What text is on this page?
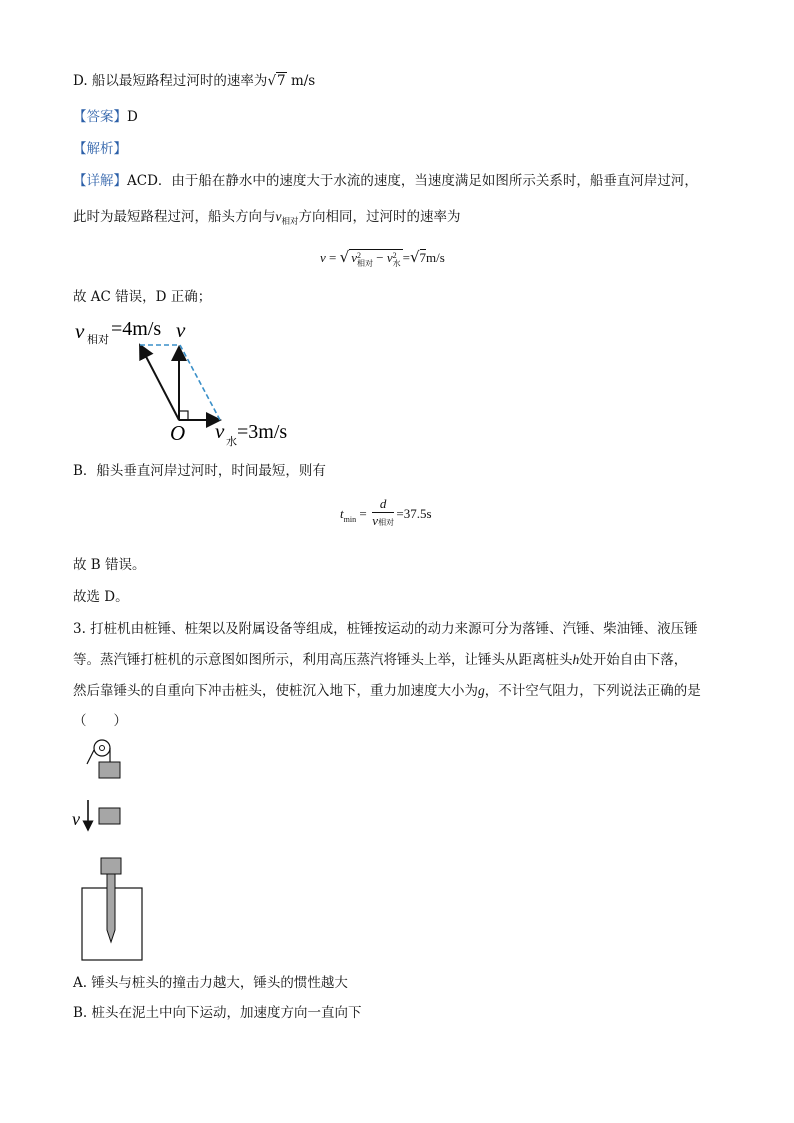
D. 船以最短路程过河时的速率为√7 m/s
【答案】D
【解析】
【详解】ACD．由于船在静水中的速度大于水流的速度，当速度满足如图所示关系时，船垂直河岸过河，
此时为最短路程过河，船头方向与$v_{相对}$方向相同，过河时的速率为
v = √ v2
相对 − v2
水 =√7m/s
故 AC 错误，D 正确；
v 相对 =4m/s v
O v 水 =3m/s
B．船头垂直河岸过河时，时间最短，则有
t min =
d
v相对
=37.5s
故 B 错误。
故选 D。
3. 打桩机由桩锤、桩架以及附属设备等组成，桩锤按运动的动力来源可分为落锤、汽锤、柴油锤、液压锤
等。蒸汽锤打桩机的示意图如图所示，利用高压蒸汽将锤头上举，让锤头从距离桩头h处开始自由下落，
然后靠锤头的自重向下冲击桩头，使桩沉入地下，重力加速度大小为g，不计空气阻力，下列说法正确的是
（　　）
v
A. 锤头与桩头的撞击力越大，锤头的惯性越大
B. 桩头在泥土中向下运动，加速度方向一直向下
